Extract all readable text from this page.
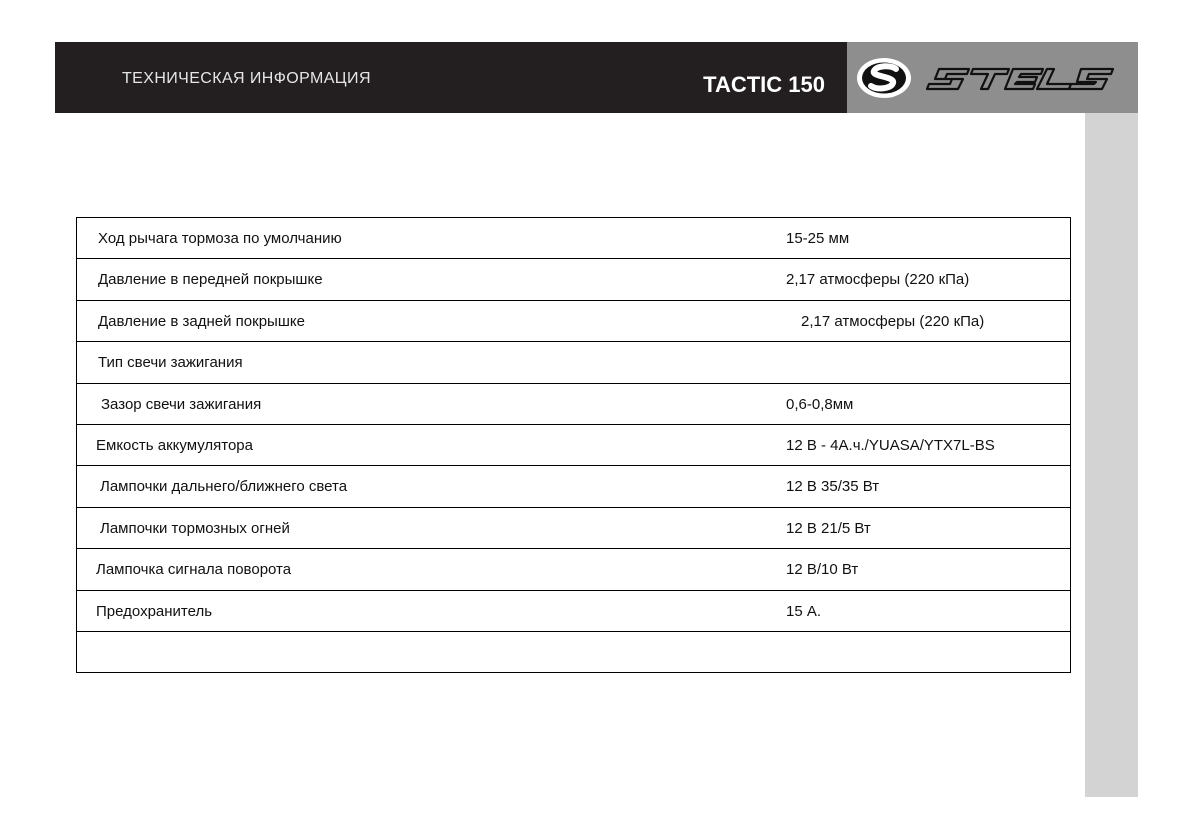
ТЕХНИЧЕСКАЯ ИНФОРМАЦИЯ	TACTIC 150
Ход рычага тормоза по умолчанию	15-25 мм
Давление в передней покрышке	2,17 атмосферы (220 кПа)
Давление в задней покрышке	2,17 атмосферы (220 кПа)
Тип свечи зажигания
Зазор свечи зажигания	0,6-0,8мм
Емкость аккумулятора	12 В - 4А.ч./YUASA/YTX7L-BS
Лампочки дальнего/ближнего света	12 В 35/35 Вт
Лампочки тормозных огней	12 В 21/5 Вт
Лампочка сигнала поворота	12 В/10 Вт
Предохранитель	15 А.
